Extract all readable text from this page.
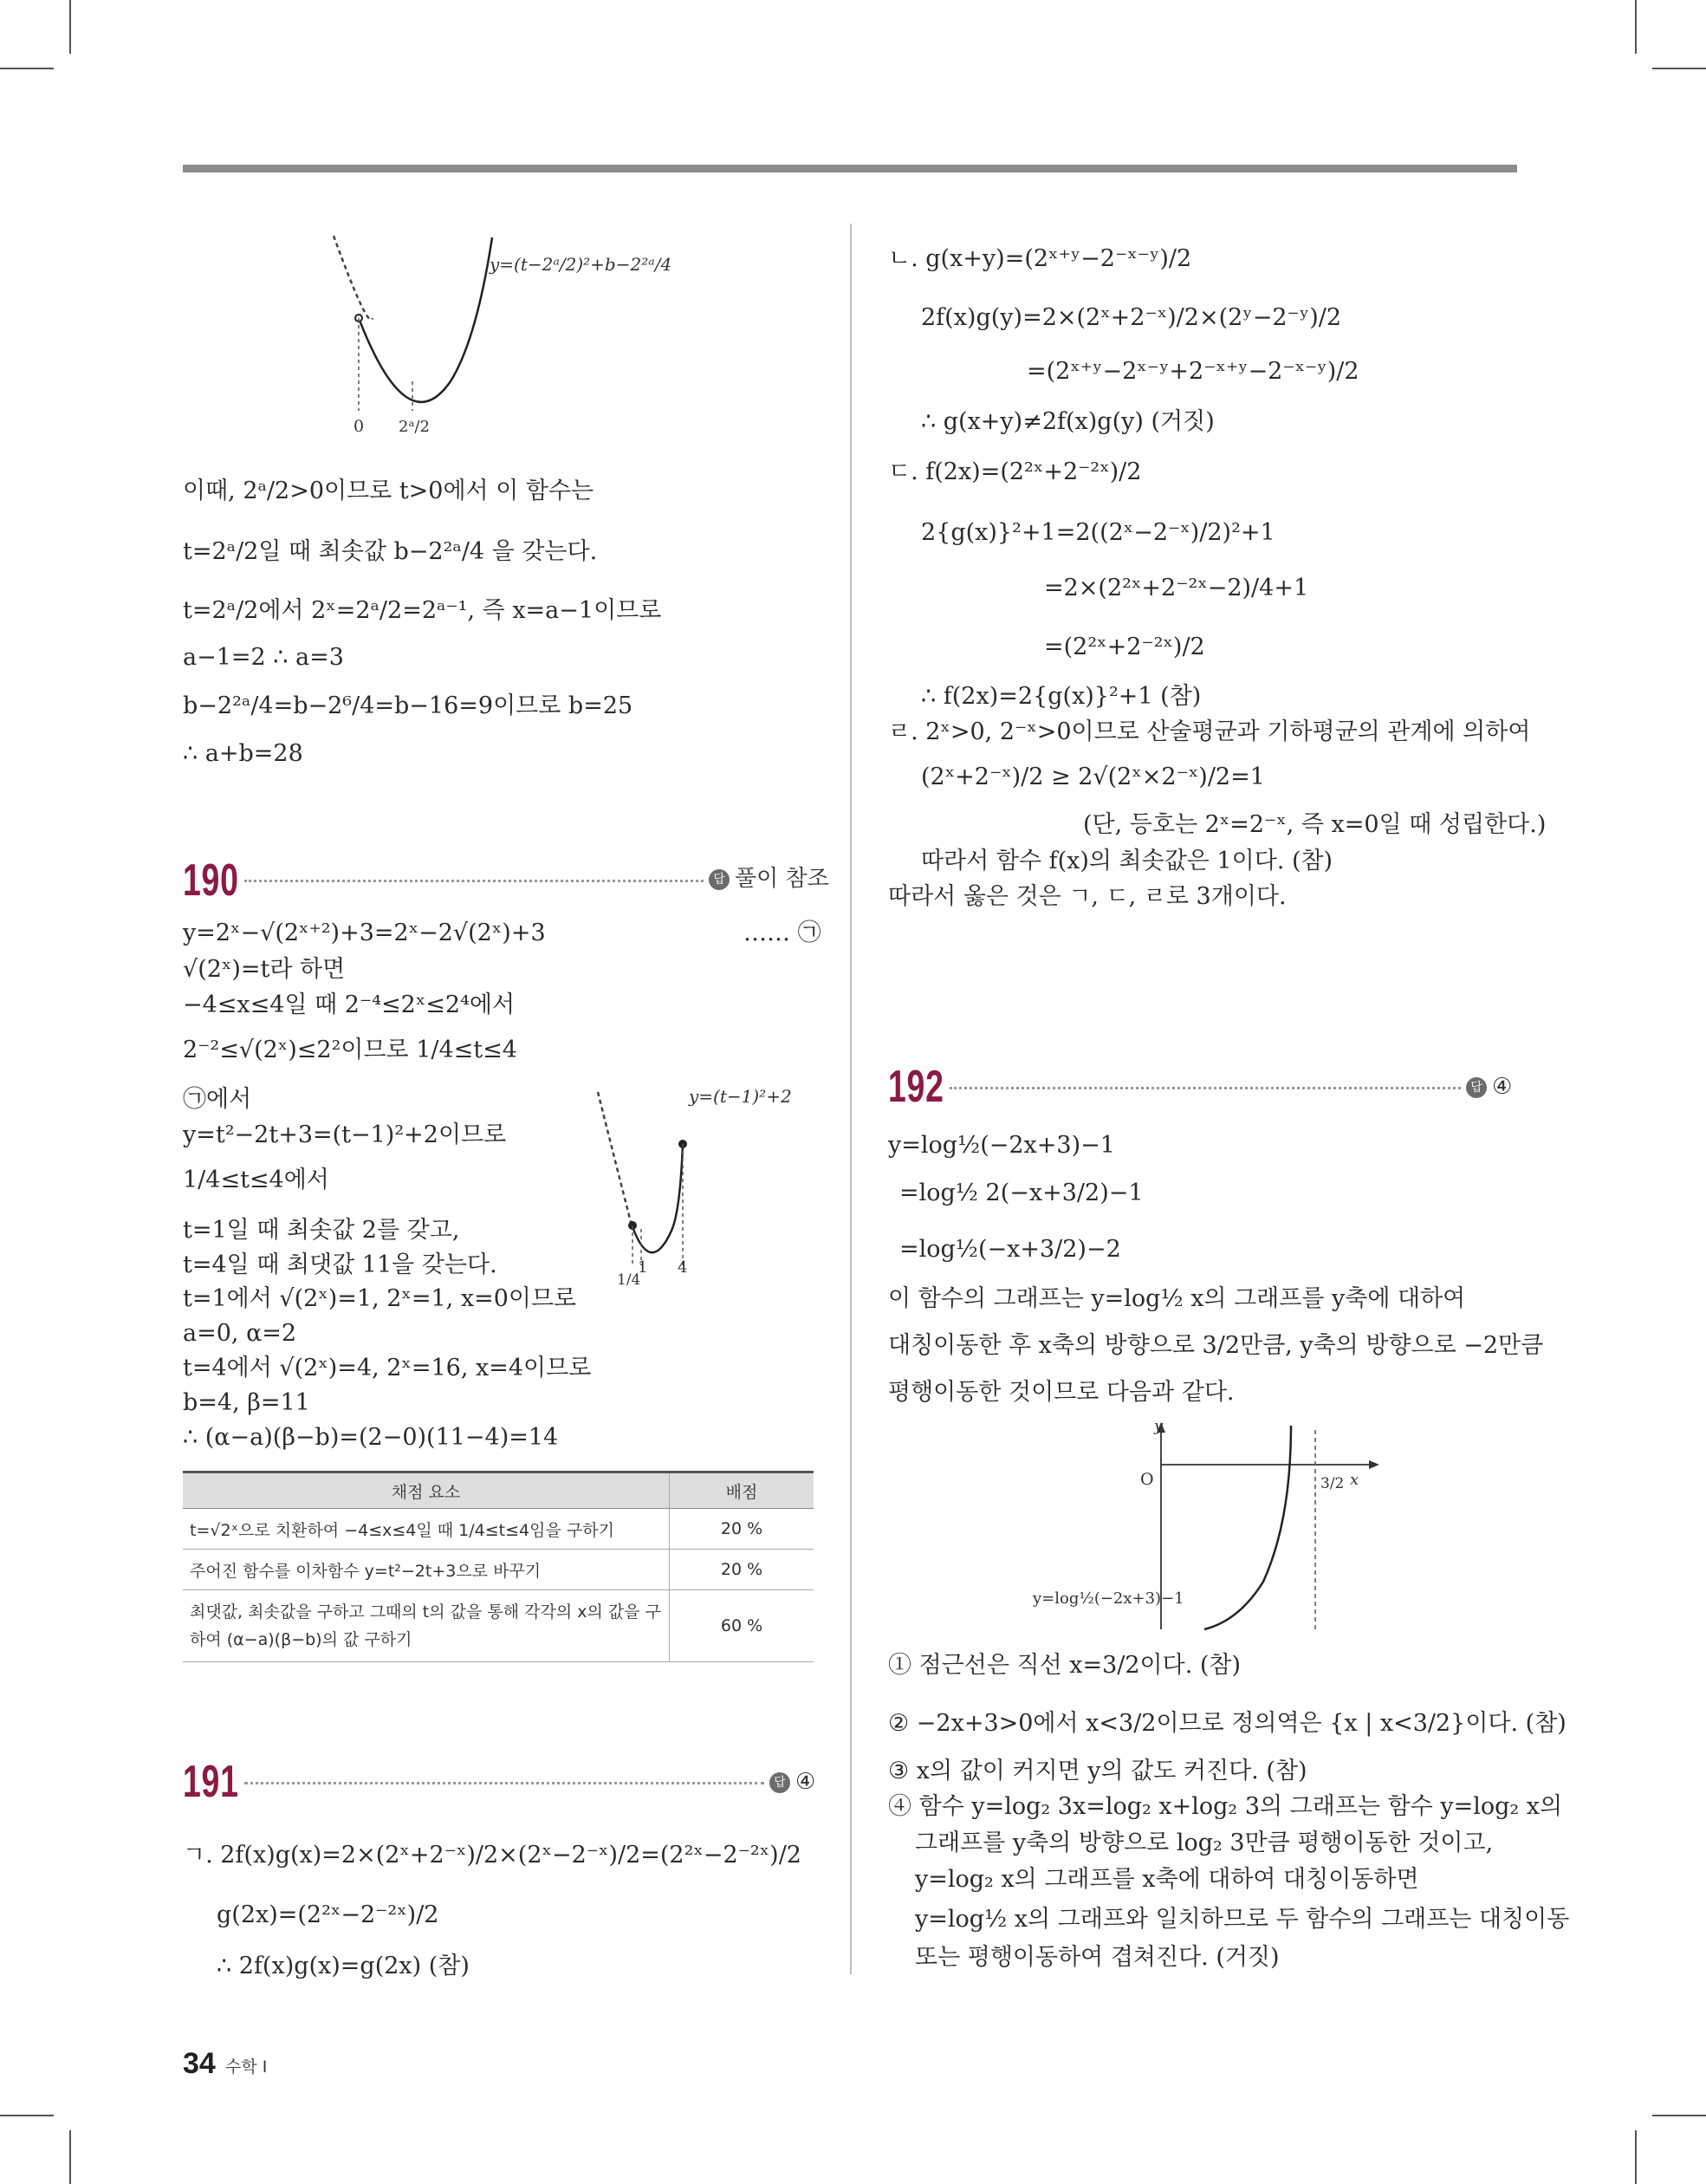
0 2ᵃ/2
y=(t−2ᵃ/2)²+b−2²ᵃ/4
이때, 2ᵃ/2>0이므로 t>0에서 이 함수는
t=2ᵃ/2일 때 최솟값 b−2²ᵃ/4 을 갖는다.
t=2ᵃ/2에서 2ˣ=2ᵃ/2=2ᵃ⁻¹, 즉 x=a−1이므로
a−1=2 ∴ a=3
b−2²ᵃ/4=b−2⁶/4=b−16=9이므로 b=25
∴ a+b=28
190	답 풀이 참조
y=2ˣ−√(2ˣ⁺²)+3=2ˣ−2√(2ˣ)+3	…… ㉠
√(2ˣ)=t라 하면
−4≤x≤4일 때 2⁻⁴≤2ˣ≤2⁴에서
2⁻²≤√(2ˣ)≤2²이므로 1/4≤t≤4
㉠에서
y=t²−2t+3=(t−1)²+2이므로
1/4≤t≤4에서
t=1일 때 최솟값 2를 갖고,
t=4일 때 최댓값 11을 갖는다.
t=1에서 √(2ˣ)=1, 2ˣ=1, x=0이므로
a=0, α=2
t=4에서 √(2ˣ)=4, 2ˣ=16, x=4이므로
b=4, β=11
∴ (α−a)(β−b)=(2−0)(11−4)=14
1/4
1 4
y=(t−1)²+2
채점 요소	배점
t=√2ˣ으로 치환하여 −4≤x≤4일 때 1/4≤t≤4임을 구하기	20 %
주어진 함수를 이차함수 y=t²−2t+3으로 바꾸기	20 %
최댓값, 최솟값을 구하고 그때의 t의 값을 통해 각각의 x의 값을 구하여 (α−a)(β−b)의 값 구하기	60 %
191	답 ④
ㄱ. 2f(x)g(x)=2×(2ˣ+2⁻ˣ)/2×(2ˣ−2⁻ˣ)/2=(2²ˣ−2⁻²ˣ)/2
g(2x)=(2²ˣ−2⁻²ˣ)/2
∴ 2f(x)g(x)=g(2x) (참)
ㄴ. g(x+y)=(2ˣ⁺ʸ−2⁻ˣ⁻ʸ)/2
2f(x)g(y)=2×(2ˣ+2⁻ˣ)/2×(2ʸ−2⁻ʸ)/2
=(2ˣ⁺ʸ−2ˣ⁻ʸ+2⁻ˣ⁺ʸ−2⁻ˣ⁻ʸ)/2
∴ g(x+y)≠2f(x)g(y) (거짓)
ㄷ. f(2x)=(2²ˣ+2⁻²ˣ)/2
2{g(x)}²+1=2((2ˣ−2⁻ˣ)/2)²+1
=2×(2²ˣ+2⁻²ˣ−2)/4+1
=(2²ˣ+2⁻²ˣ)/2
∴ f(2x)=2{g(x)}²+1 (참)
ㄹ. 2ˣ>0, 2⁻ˣ>0이므로 산술평균과 기하평균의 관계에 의하여
(2ˣ+2⁻ˣ)/2 ≥ 2√(2ˣ×2⁻ˣ)/2=1
(단, 등호는 2ˣ=2⁻ˣ, 즉 x=0일 때 성립한다.)
따라서 함수 f(x)의 최솟값은 1이다. (참)
따라서 옳은 것은 ㄱ, ㄷ, ㄹ로 3개이다.
192	답 ④
y=log½(−2x+3)−1
=log½ 2(−x+3/2)−1
=log½(−x+3/2)−2
이 함수의 그래프는 y=log½ x의 그래프를 y축에 대하여
대칭이동한 후 x축의 방향으로 3/2만큼, y축의 방향으로 −2만큼
평행이동한 것이므로 다음과 같다.
y
x
O	3/2
y=log½(−2x+3)−1
① 점근선은 직선 x=3/2이다. (참)
② −2x+3>0에서 x<3/2이므로 정의역은 {x | x<3/2}이다. (참)
③ x의 값이 커지면 y의 값도 커진다. (참)
④ 함수 y=log₂ 3x=log₂ x+log₂ 3의 그래프는 함수 y=log₂ x의
그래프를 y축의 방향으로 log₂ 3만큼 평행이동한 것이고,
y=log₂ x의 그래프를 x축에 대하여 대칭이동하면
y=log½ x의 그래프와 일치하므로 두 함수의 그래프는 대칭이동
또는 평행이동하여 겹쳐진다. (거짓)
34 수학 I
